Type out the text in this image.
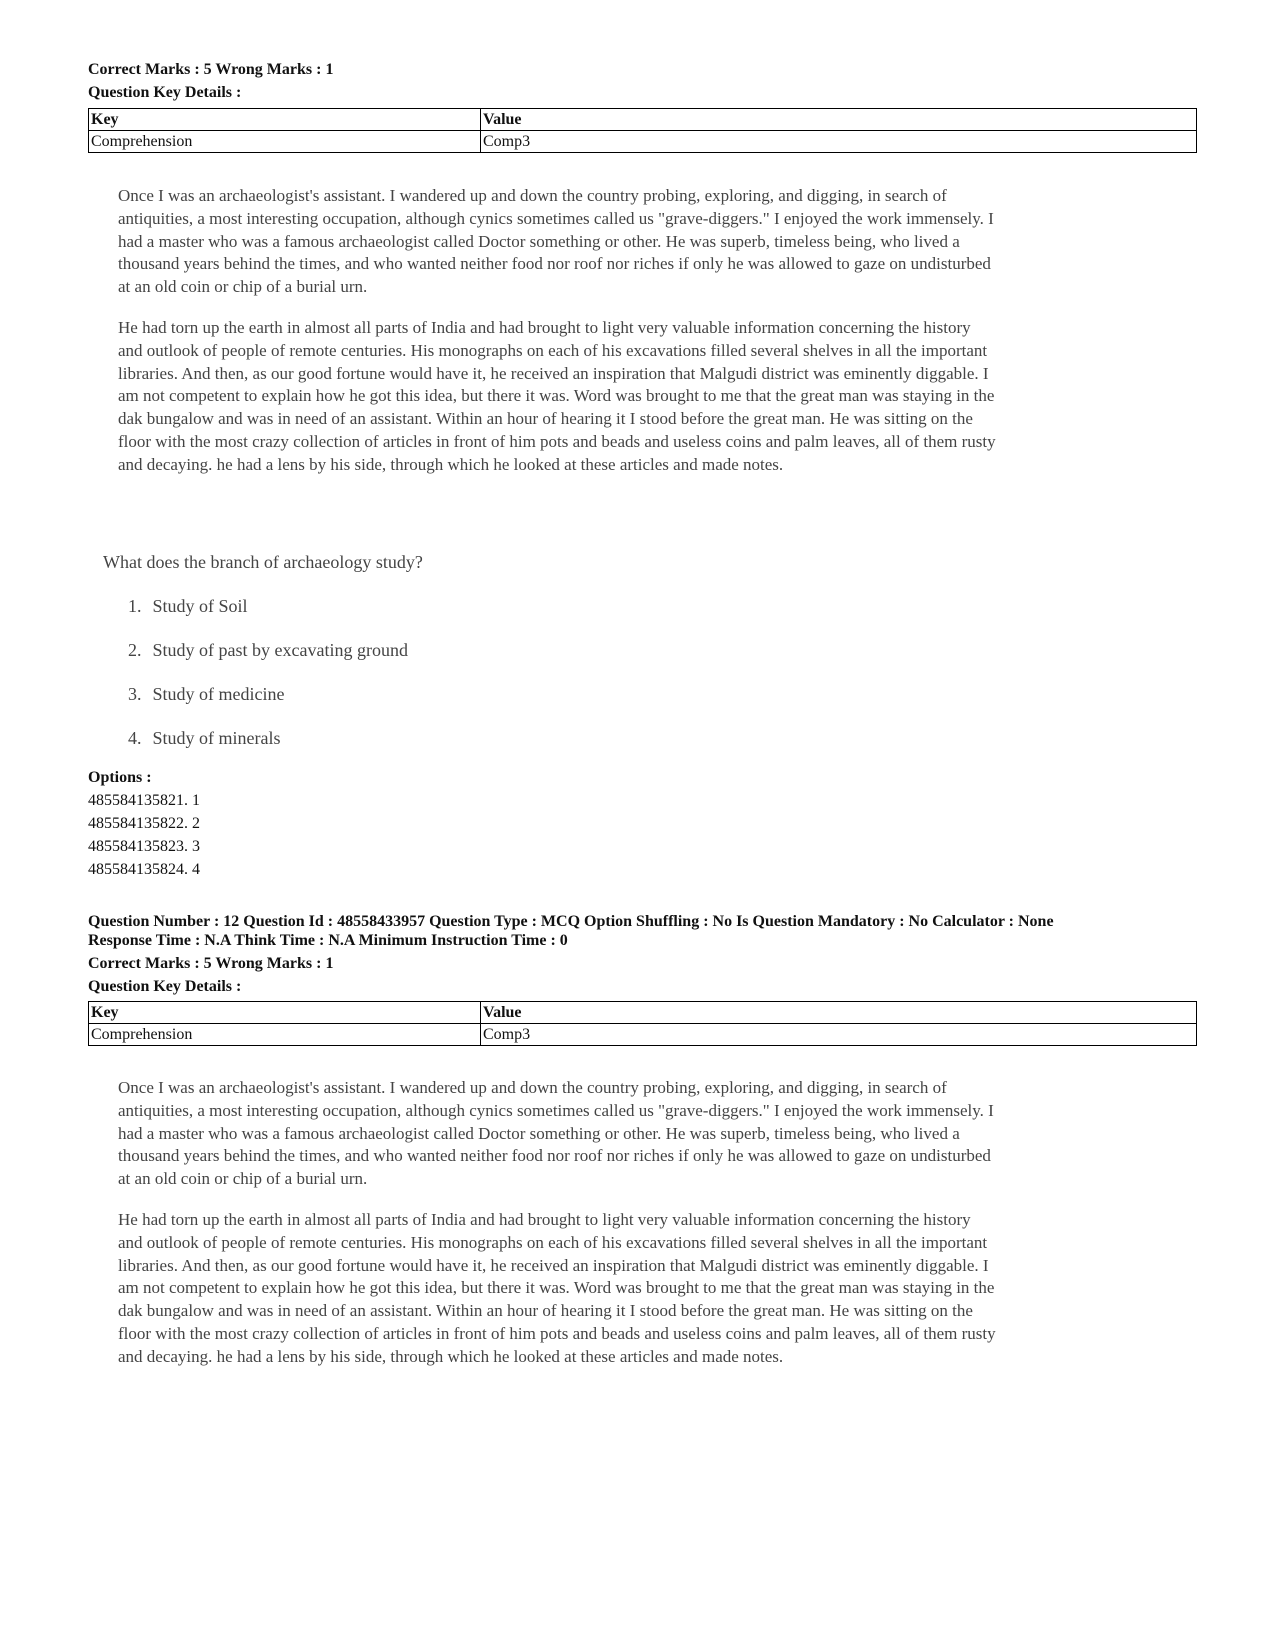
Correct Marks : 5 Wrong Marks : 1
Question Key Details :
Key	Value
Comprehension	Comp3

Once I was an archaeologist's assistant. I wandered up and down the country probing, exploring, and digging, in search of antiquities, a most interesting occupation, although cynics sometimes called us "grave-diggers." I enjoyed the work immensely. I had a master who was a famous archaeologist called Doctor something or other. He was superb, timeless being, who lived a thousand years behind the times, and who wanted neither food nor roof nor riches if only he was allowed to gaze on undisturbed at an old coin or chip of a burial urn.

He had torn up the earth in almost all parts of India and had brought to light very valuable information concerning the history and outlook of people of remote centuries. His monographs on each of his excavations filled several shelves in all the important libraries. And then, as our good fortune would have it, he received an inspiration that Malgudi district was eminently diggable. I am not competent to explain how he got this idea, but there it was. Word was brought to me that the great man was staying in the dak bungalow and was in need of an assistant. Within an hour of hearing it I stood before the great man. He was sitting on the floor with the most crazy collection of articles in front of him pots and beads and useless coins and palm leaves, all of them rusty and decaying. he had a lens by his side, through which he looked at these articles and made notes.

What does the branch of archaeology study?
1. Study of Soil
2. Study of past by excavating ground
3. Study of medicine
4. Study of minerals
Options :
485584135821. 1
485584135822. 2
485584135823. 3
485584135824. 4
Question Number : 12 Question Id : 48558433957 Question Type : MCQ Option Shuffling : No Is Question Mandatory : No Calculator : None
Response Time : N.A Think Time : N.A Minimum Instruction Time : 0
Correct Marks : 5 Wrong Marks : 1
Question Key Details :
Key	Value
Comprehension	Comp3

Once I was an archaeologist's assistant. I wandered up and down the country probing, exploring, and digging, in search of antiquities, a most interesting occupation, although cynics sometimes called us "grave-diggers." I enjoyed the work immensely. I had a master who was a famous archaeologist called Doctor something or other. He was superb, timeless being, who lived a thousand years behind the times, and who wanted neither food nor roof nor riches if only he was allowed to gaze on undisturbed at an old coin or chip of a burial urn.

He had torn up the earth in almost all parts of India and had brought to light very valuable information concerning the history and outlook of people of remote centuries. His monographs on each of his excavations filled several shelves in all the important libraries. And then, as our good fortune would have it, he received an inspiration that Malgudi district was eminently diggable. I am not competent to explain how he got this idea, but there it was. Word was brought to me that the great man was staying in the dak bungalow and was in need of an assistant. Within an hour of hearing it I stood before the great man. He was sitting on the floor with the most crazy collection of articles in front of him pots and beads and useless coins and palm leaves, all of them rusty and decaying. he had a lens by his side, through which he looked at these articles and made notes.
